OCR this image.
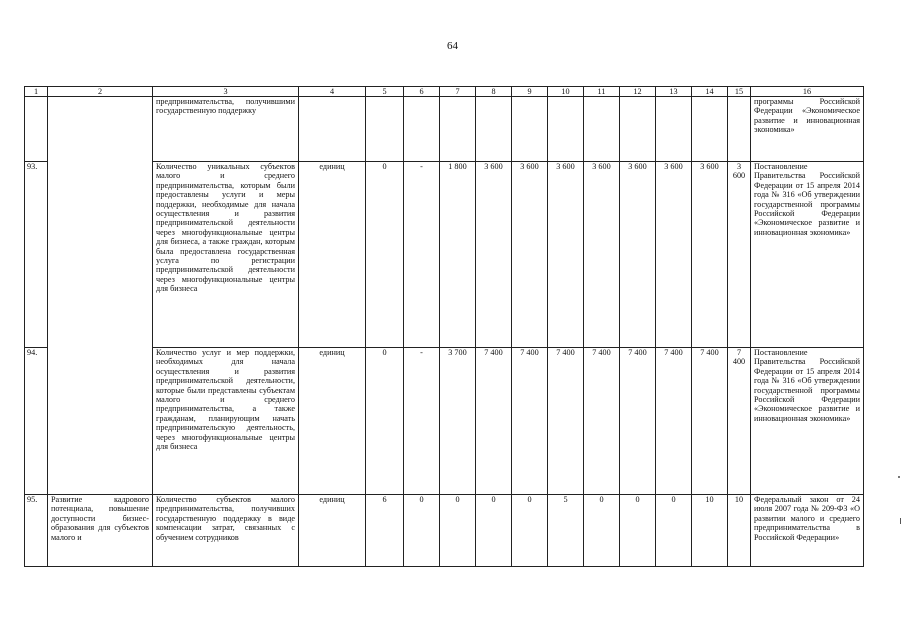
64
1	2	3	4	5	6	7	8	9	10	11	12	13	14	15	16
		предпринимательства, получившими государственную поддержку													программы Российской Федерации «Экономическое развитие и инновационная экономика»
93.		Количество уникальных субъектов малого и среднего предпринимательства, которым были предоставлены услуги и меры поддержки, необходимые для начала осуществления и развития предпринимательской деятельности через многофункциональные центры для бизнеса, а также граждан, которым была предоставлена государственная услуга по регистрации предпринимательской деятельности через многофункциональные центры для бизнеса	единиц	0	-	1 800	3 600	3 600	3 600	3 600	3 600	3 600	3 600	3 600	Постановление Правительства Российской Федерации от 15 апреля 2014 года № 316 «Об утверждении государственной программы Российской Федерации «Экономическое развитие и инновационная экономика»
94.		Количество услуг и мер поддержки, необходимых для начала осуществления и развития предпринимательской деятельности, которые были представлены субъектам малого и среднего предпринимательства, а также гражданам, планирующим начать предпринимательскую деятельность, через многофункциональные центры для бизнеса	единиц	0	-	3 700	7 400	7 400	7 400	7 400	7 400	7 400	7 400	7 400	Постановление Правительства Российской Федерации от 15 апреля 2014 года № 316 «Об утверждении государственной программы Российской Федерации «Экономическое развитие и инновационная экономика»
95.	Развитие кадрового потенциала, повышение доступности бизнес-образования для субъектов малого и	Количество субъектов малого предпринимательства, получивших государственную поддержку в виде компенсации затрат, связанных с обучением сотрудников	единиц	6	0	0	0	0	5	0	0	0	10	10	Федеральный закон от 24 июля 2007 года № 209-ФЗ «О развитии малого и среднего предпринимательства в Российской Федерации»
